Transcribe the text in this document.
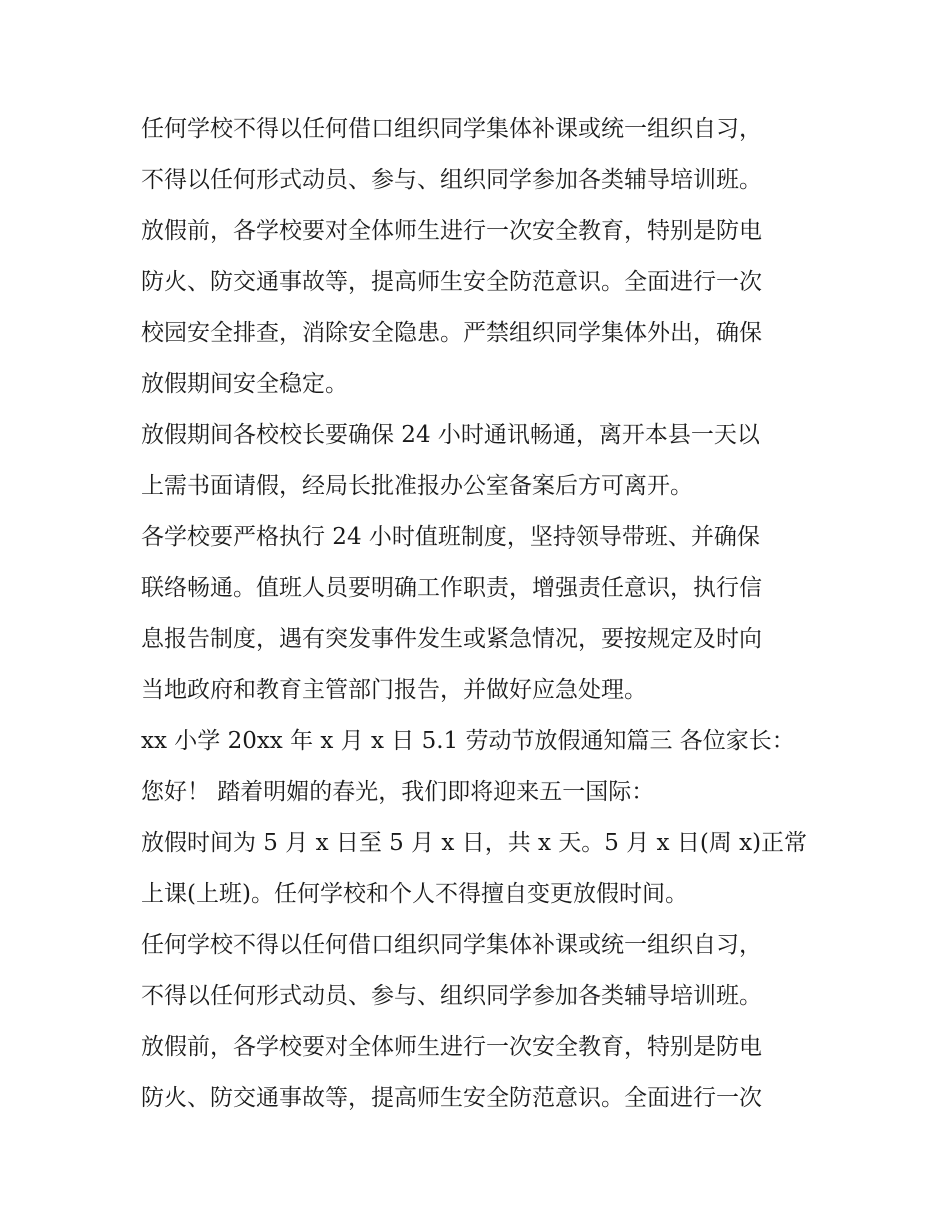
任何学校不得以任何借口组织同学集体补课或统一组织自习，
不得以任何形式动员、参与、组织同学参加各类辅导培训班。
放假前，各学校要对全体师生进行一次安全教育，特别是防电
防火、防交通事故等，提高师生安全防范意识。全面进行一次
校园安全排查，消除安全隐患。严禁组织同学集体外出，确保
放假期间安全稳定。
放假期间各校校长要确保 24 小时通讯畅通，离开本县一天以
上需书面请假，经局长批准报办公室备案后方可离开。
各学校要严格执行 24 小时值班制度，坚持领导带班、并确保
联络畅通。值班人员要明确工作职责，增强责任意识，执行信
息报告制度，遇有突发事件发生或紧急情况，要按规定及时向
当地政府和教育主管部门报告，并做好应急处理。
xx 小学 20xx 年 x 月 x 日 5.1 劳动节放假通知篇三 各位家长：
您好！ 踏着明媚的春光，我们即将迎来五一国际：
放假时间为 5 月 x 日至 5 月 x 日，共 x 天。5 月 x 日(周 x)正常
上课(上班)。任何学校和个人不得擅自变更放假时间。
任何学校不得以任何借口组织同学集体补课或统一组织自习，
不得以任何形式动员、参与、组织同学参加各类辅导培训班。
放假前，各学校要对全体师生进行一次安全教育，特别是防电
防火、防交通事故等，提高师生安全防范意识。全面进行一次
